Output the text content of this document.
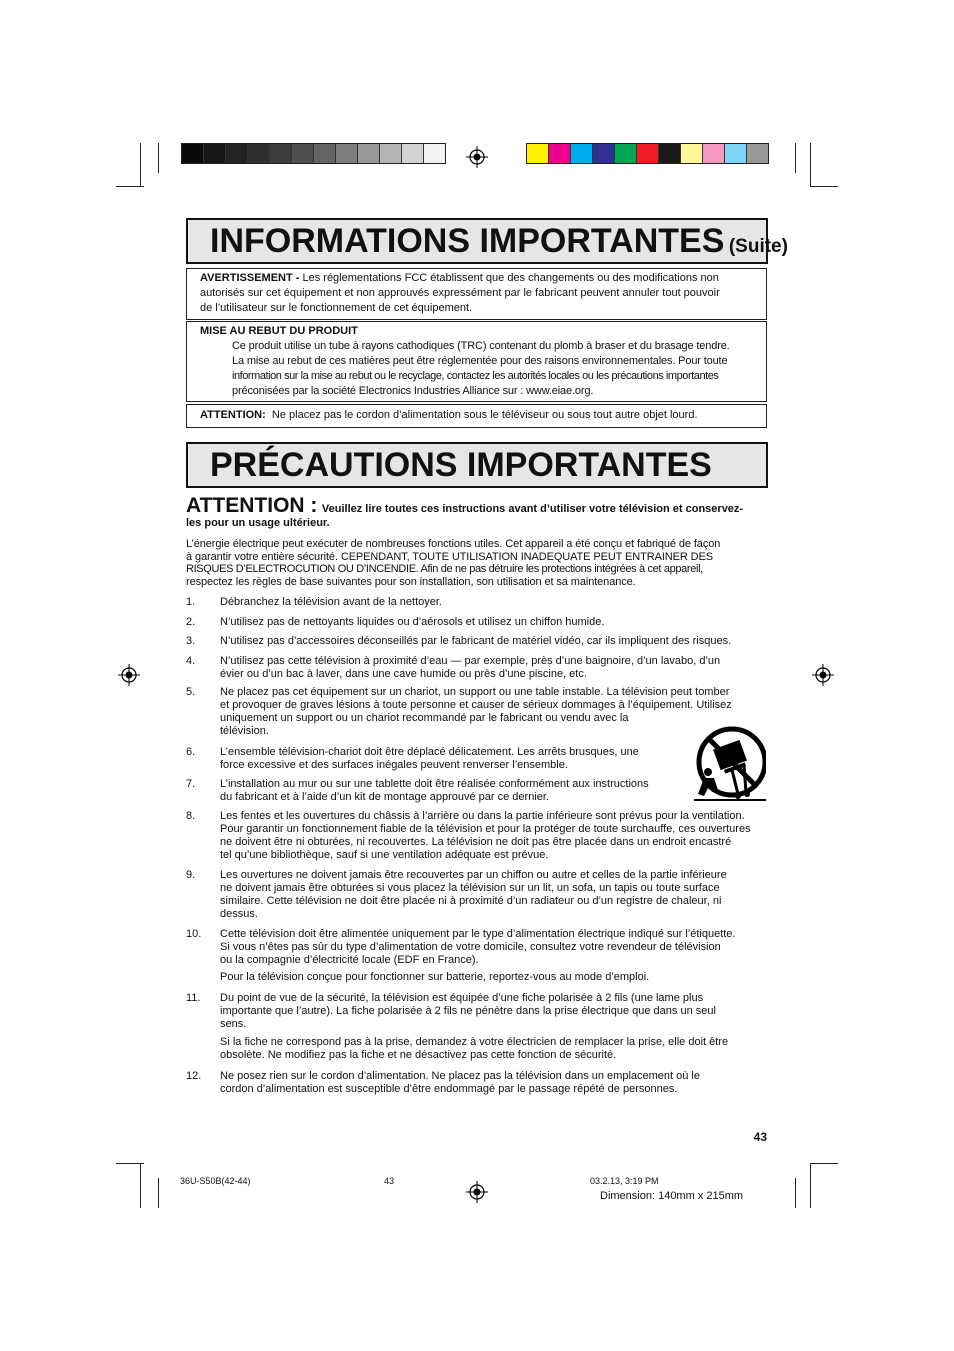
INFORMATIONS IMPORTANTES (Suite)
AVERTISSEMENT - Les réglementations FCC établissent que des changements ou des modifications non
autorisés sur cet équipement et non approuvés expressément par le fabricant peuvent annuler tout pouvoir
de l’utilisateur sur le fonctionnement de cet équipement.
MISE AU REBUT DU PRODUIT
Ce produit utilise un tube à rayons cathodiques (TRC) contenant du plomb à braser et du brasage tendre.
La mise au rebut de ces matières peut être réglementée pour des raisons environnementales. Pour toute
information sur la mise au rebut ou le recyclage, contactez les autorités locales ou les précautions importantes
préconisées par la société Electronics Industries Alliance sur : www.eiae.org.
ATTENTION: Ne placez pas le cordon d’alimentation sous le téléviseur ou sous tout autre objet lourd.
PRÉCAUTIONS IMPORTANTES
ATTENTION : Veuillez lire toutes ces instructions avant d’utiliser votre télévision et conservez-
les pour un usage ultérieur.
L’énergie électrique peut exécuter de nombreuses fonctions utiles. Cet appareil a été conçu et fabriqué de façon
à garantir votre entière sécurité. CEPENDANT, TOUTE UTILISATION INADEQUATE PEUT ENTRAINER DES
RISQUES D’ELECTROCUTION OU D’INCENDIE. Afin de ne pas détruire les protections intégrées à cet appareil,
respectez les règles de base suivantes pour son installation, son utilisation et sa maintenance.
1. Débranchez la télévision avant de la nettoyer.
2. N’utilisez pas de nettoyants liquides ou d’aérosols et utilisez un chiffon humide.
3. N’utilisez pas d’accessoires déconseillés par le fabricant de matériel vidéo, car ils impliquent des risques.
4. N’utilisez pas cette télévision à proximité d’eau — par exemple, près d’une baignoire, d’un lavabo, d’un
évier ou d’un bac à laver, dans une cave humide ou près d’une piscine, etc.
5. Ne placez pas cet équipement sur un chariot, un support ou une table instable. La télévision peut tomber
et provoquer de graves lésions à toute personne et causer de sérieux dommages à l’équipement. Utilisez
uniquement un support ou un chariot recommandé par le fabricant ou vendu avec la
télévision.
6. L’ensemble télévision-chariot doit être déplacé délicatement. Les arrêts brusques, une
force excessive et des surfaces inégales peuvent renverser l’ensemble.
7. L’installation au mur ou sur une tablette doit être réalisée conformément aux instructions
du fabricant et à l’aide d’un kit de montage approuvé par ce dernier.
8. Les fentes et les ouvertures du châssis à l’arrière ou dans la partie inférieure sont prévus pour la ventilation.
Pour garantir un fonctionnement fiable de la télévision et pour la protéger de toute surchauffe, ces ouvertures
ne doivent être ni obturées, ni recouvertes. La télévision ne doit pas être placée dans un endroit encastré
tel qu’une bibliothèque, sauf si une ventilation adéquate est prévue.
9. Les ouvertures ne doivent jamais être recouvertes par un chiffon ou autre et celles de la partie inférieure
ne doivent jamais être obturées si vous placez la télévision sur un lit, un sofa, un tapis ou toute surface
similaire. Cette télévision ne doit être placée ni à proximité d’un radiateur ou d’un registre de chaleur, ni
dessus.
10. Cette télévision doit être alimentée uniquement par le type d’alimentation électrique indiqué sur l’étiquette.
Si vous n’êtes pas sûr du type d’alimentation de votre domicile, consultez votre revendeur de télévision
ou la compagnie d’électricité locale (EDF en France).
Pour la télévision conçue pour fonctionner sur batterie, reportez-vous au mode d’emploi.
11. Du point de vue de la sécurité, la télévision est équipée d’une fiche polarisée à 2 fils (une lame plus
importante que l’autre). La fiche polarisée à 2 fils ne pénètre dans la prise électrique que dans un seul
sens.
Si la fiche ne correspond pas à la prise, demandez à votre électricien de remplacer la prise, elle doit être
obsolète. Ne modifiez pas la fiche et ne désactivez pas cette fonction de sécurité.
12. Ne posez rien sur le cordon d’alimentation. Ne placez pas la télévision dans un emplacement où le
cordon d’alimentation est susceptible d’être endommagé par le passage répété de personnes.
43
36U-S50B(42-44)	43	03.2.13, 3:19 PM
Dimension: 140mm x 215mm
